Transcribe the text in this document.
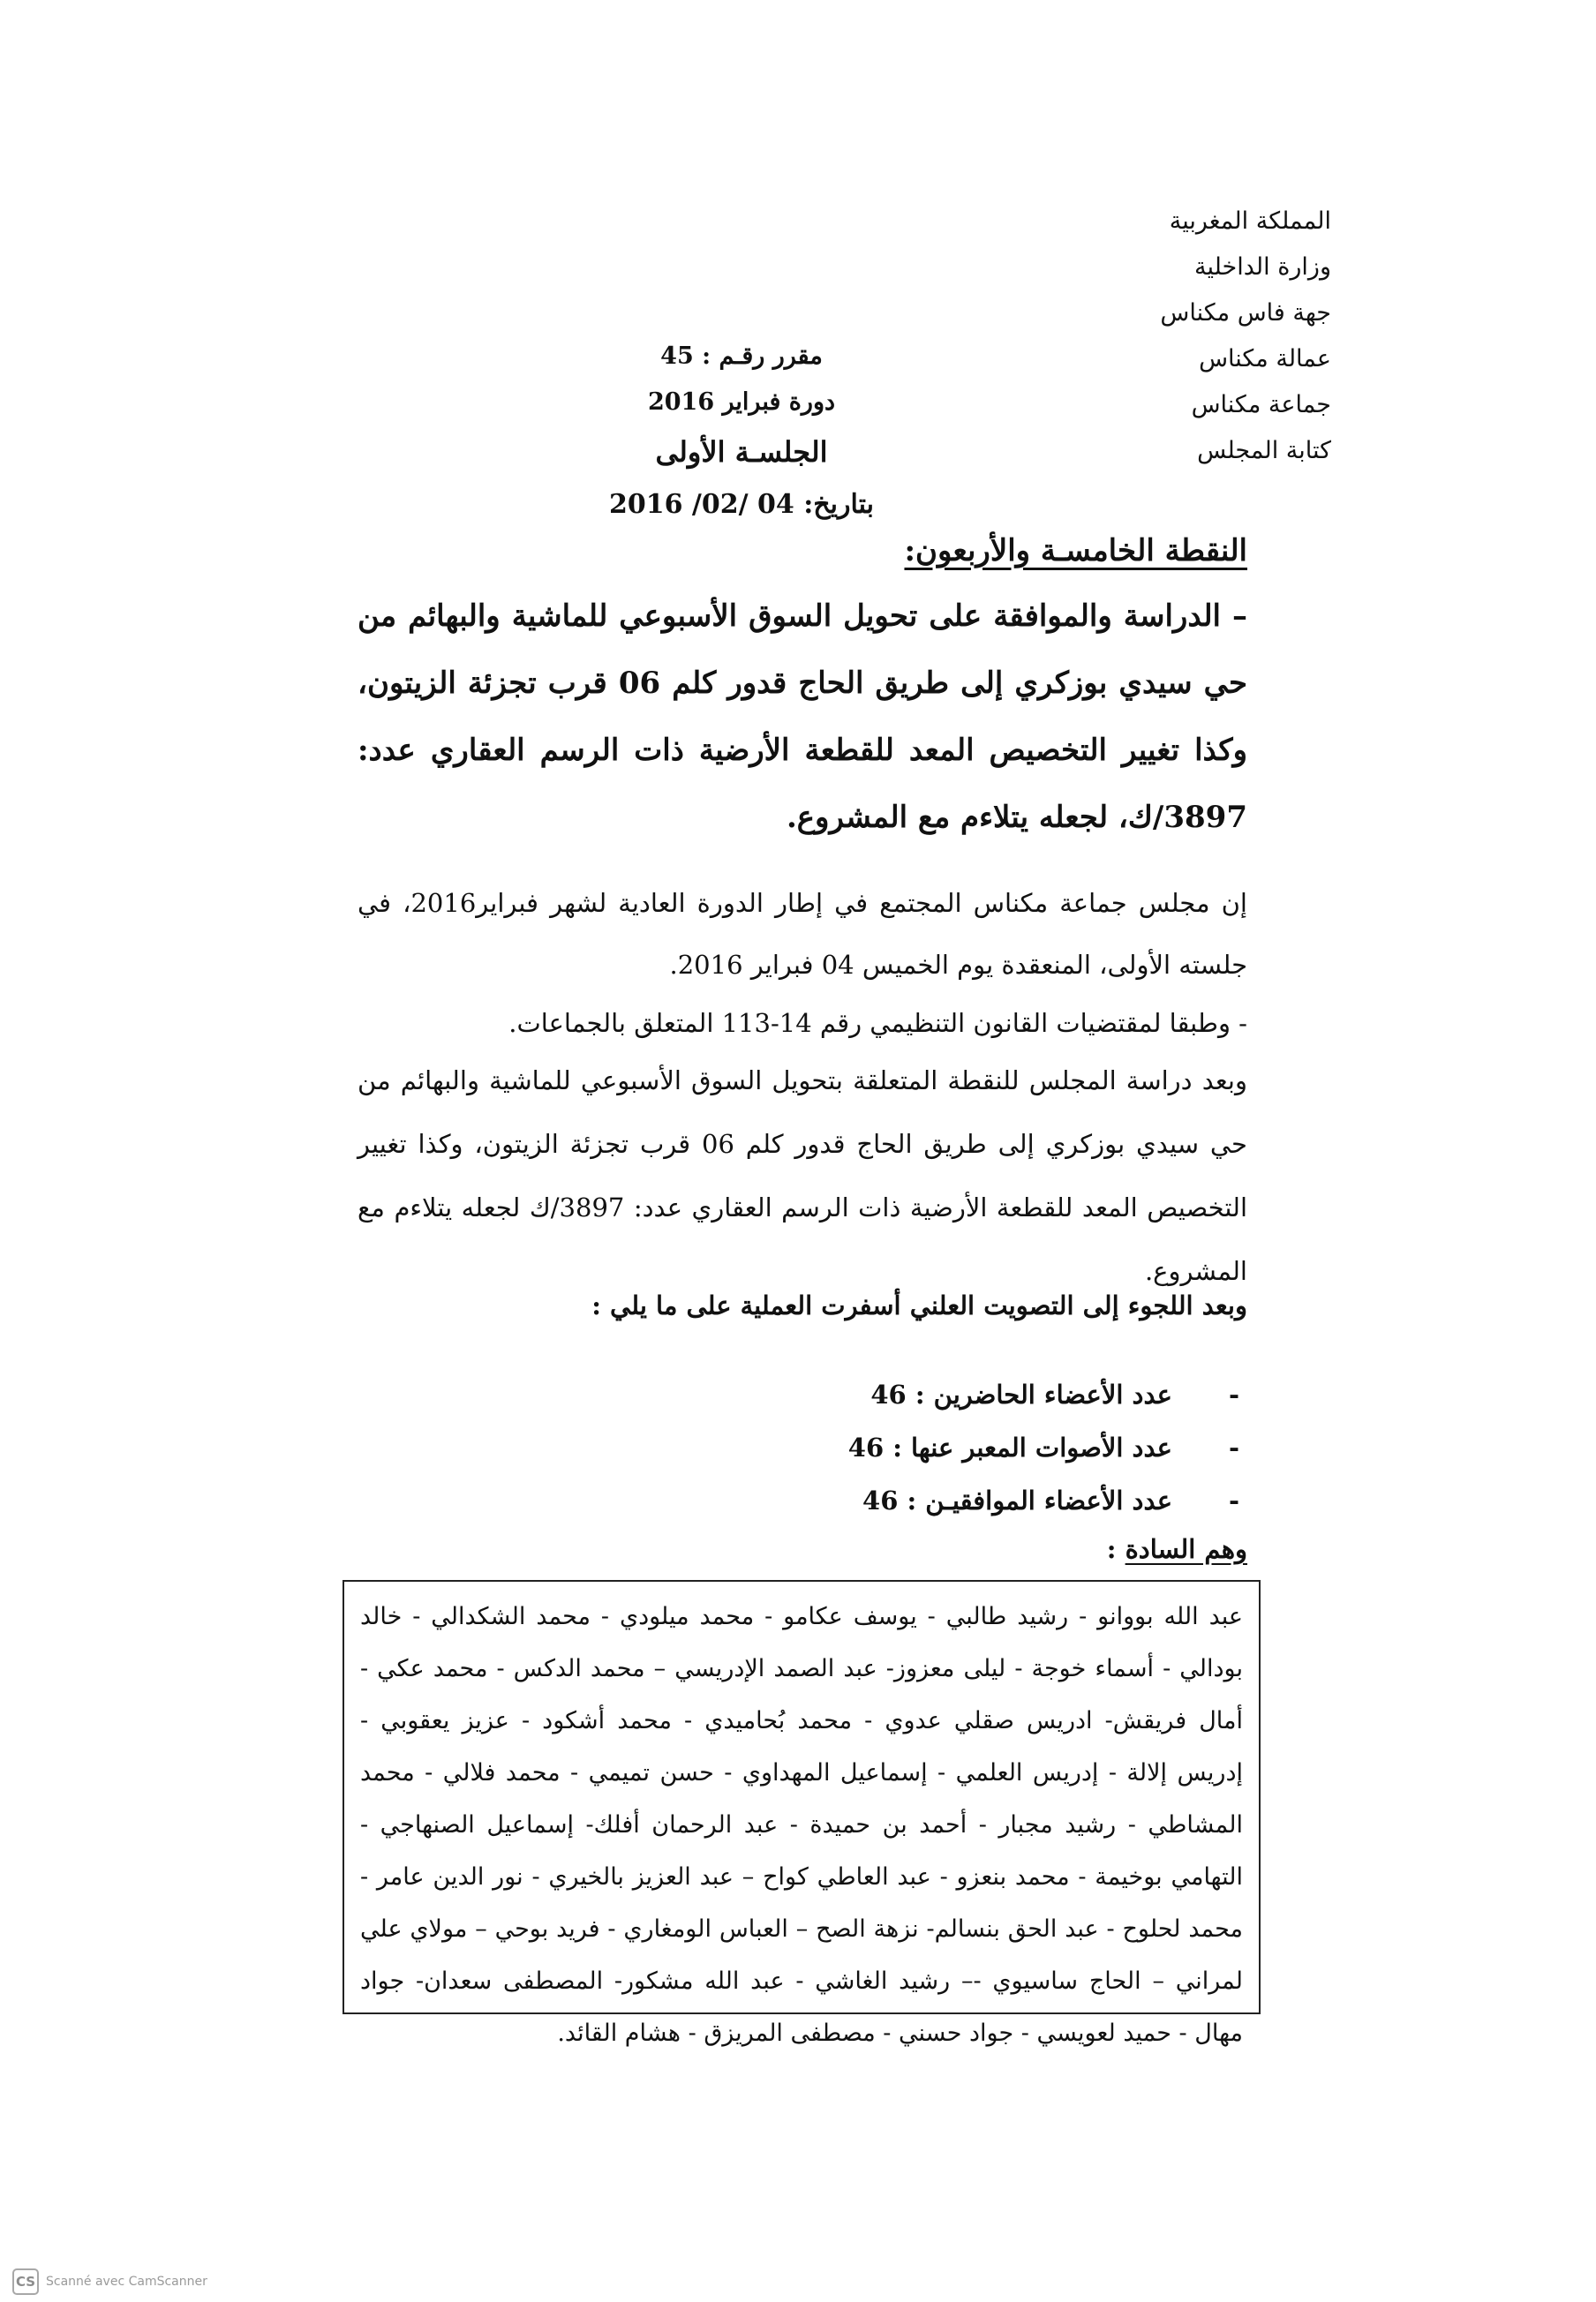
المملكة المغربية
وزارة الداخلية
جهة فاس مكناس
عمالة مكناس
جماعة مكناس
كتابة المجلس
مقرر رقـم : 45
دورة فبراير 2016
الجلسـة الأولى
بتاريخ: 04 /02/ 2016
النقطة الخامسـة والأربعون:
– الدراسة والموافقة على تحويل السوق الأسبوعي للماشية والبهائم من حي سيدي بوزكري إلى طريق الحاج قدور كلم 06 قرب تجزئة الزيتون، وكذا تغيير التخصيص المعد للقطعة الأرضية ذات الرسم العقاري عدد: 3897/ك، لجعله يتلاءم مع المشروع.
إن مجلس جماعة مكناس المجتمع في إطار الدورة العادية لشهر فبراير2016، في جلسته الأولى، المنعقدة يوم الخميس 04 فبراير 2016.
- وطبقا لمقتضيات القانون التنظيمي رقم 14-113 المتعلق بالجماعات.
وبعد دراسة المجلس للنقطة المتعلقة بتحويل السوق الأسبوعي للماشية والبهائم من حي سيدي بوزكري إلى طريق الحاج قدور كلم 06 قرب تجزئة الزيتون، وكذا تغيير التخصيص المعد للقطعة الأرضية ذات الرسم العقاري عدد: 3897/ك لجعله يتلاءم مع المشروع.
وبعد اللجوء إلى التصويت العلني أسفرت العملية على ما يلي :
-
عدد الأعضاء الحاضرين : 46
-
عدد الأصوات المعبر عنها : 46
-
عدد الأعضاء الموافقيـن : 46
وهم السادة :
عبد الله بووانو - رشيد طالبي - يوسف عكامو - محمد ميلودي - محمد الشكدالي - خالد بودالي - أسماء خوجة - ليلى معزوز- عبد الصمد الإدريسي – محمد الدكس - محمد عكي - أمال فريقش- ادريس صقلي عدوي - محمد بُحاميدي - محمد أشكود - عزيز يعقوبي - إدريس إلالة - إدريس العلمي - إسماعيل المهداوي - حسن تميمي - محمد فلالي - محمد المشاطي - رشيد مجبار - أحمد بن حميدة - عبد الرحمان أفلك- إسماعيل الصنهاجي - التهامي بوخيمة - محمد بنعزو - عبد العاطي كواح – عبد العزيز بالخيري - نور الدين عامر - محمد لحلوح - عبد الحق بنسالم- نزهة الصح – العباس الومغاري - فريد بوحي – مولاي علي لمراني – الحاج ساسيوي -– رشيد الغاشي - عبد الله مشكور- المصطفى سعدان- جواد مهال - حميد لعويسي - جواد حسني - مصطفى المريزق - هشام القائد.
CS Scanné avec CamScanner
